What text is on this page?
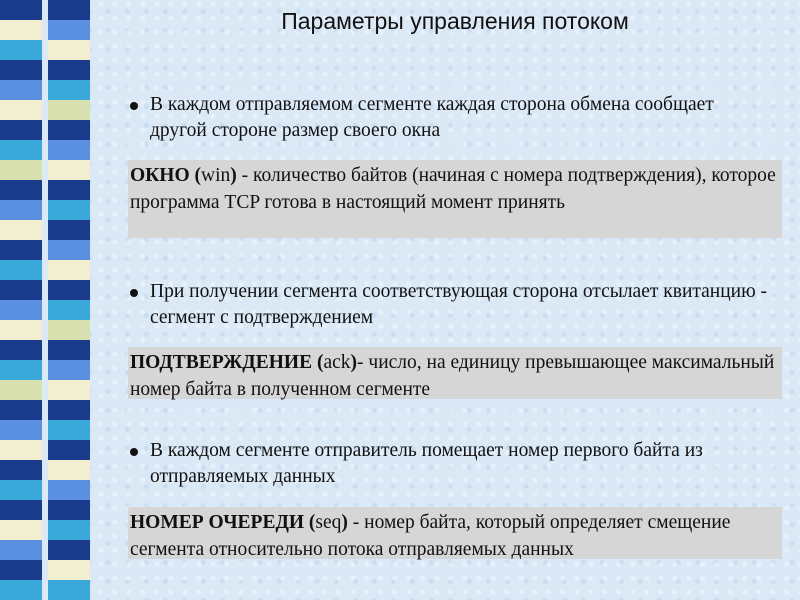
Параметры управления потоком
В каждом отправляемом сегменте каждая сторона обмена сообщает другой стороне размер своего окна
ОКНО (win) - количество байтов (начиная с номера подтверждения), которое программа TCP готова в настоящий момент принять
При получении сегмента соответствующая сторона отсылает квитанцию - сегмент с подтверждением
ПОДТВЕРЖДЕНИЕ (ack)- число, на единицу превышающее максимальный номер байта в полученном сегменте
В каждом сегменте отправитель помещает номер первого байта из отправляемых данных
НОМЕР ОЧЕРЕДИ (seq) - номер байта, который определяет смещение сегмента относительно потока отправляемых данных
